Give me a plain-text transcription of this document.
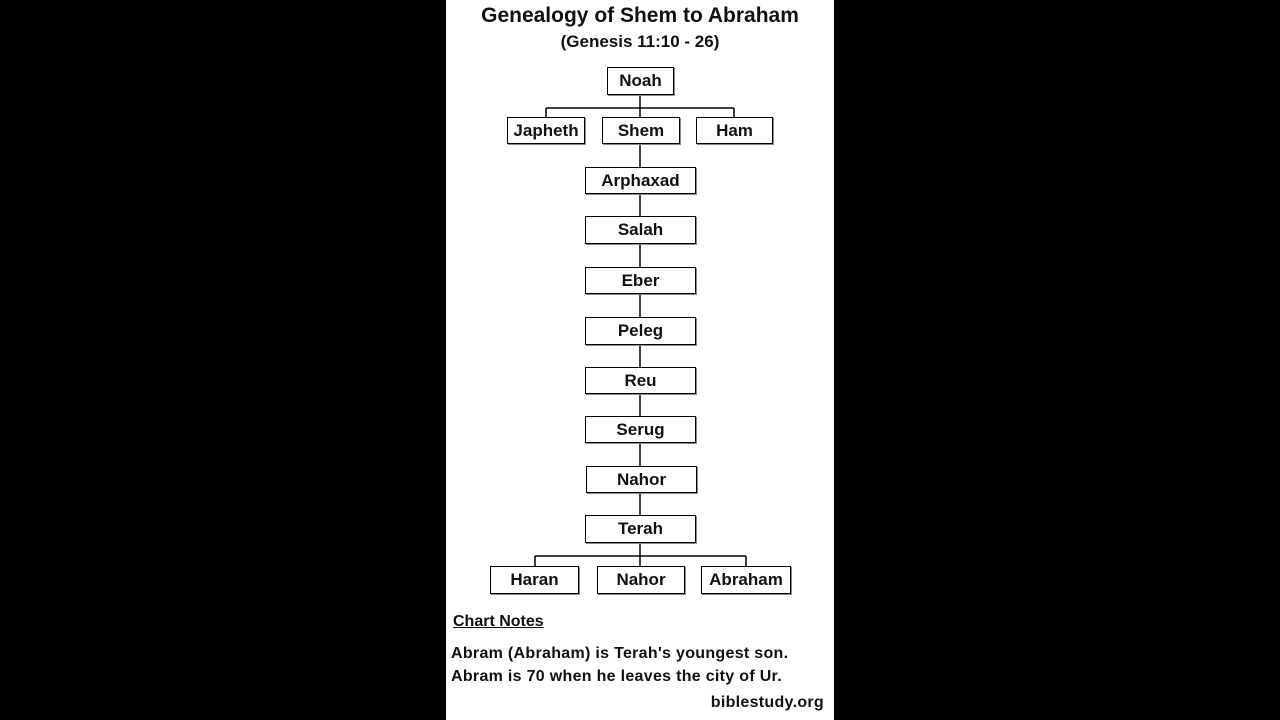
Genealogy of Shem to Abraham
(Genesis 11:10 - 26)
Noah
Japheth	Shem	Ham
Arphaxad
Salah
Eber
Peleg
Reu
Serug
Nahor
Terah
Haran	Nahor	Abraham
Chart Notes
Abram (Abraham) is Terah's youngest son.
Abram is 70 when he leaves the city of Ur.
biblestudy.org
